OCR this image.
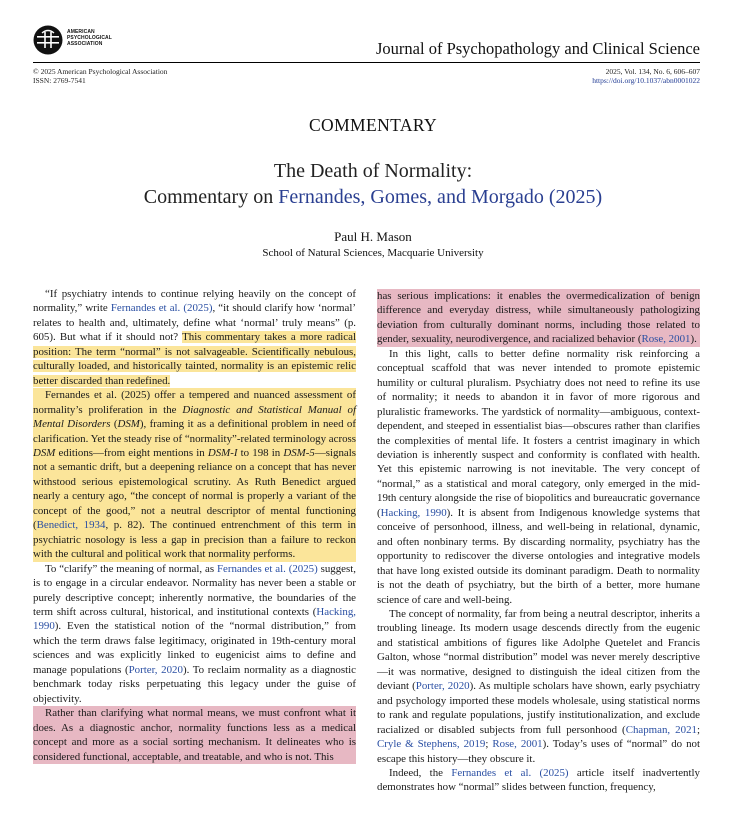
AMERICAN
PSYCHOLOGICAL
ASSOCIATION	Journal of Psychopathology and Clinical Science
© 2025 American Psychological Association
ISSN: 2769-7541
2025, Vol. 134, No. 6, 606–607
https://doi.org/10.1037/abn0001022
COMMENTARY
The Death of Normality:
Commentary on Fernandes, Gomes, and Morgado (2025)
Paul H. Mason
School of Natural Sciences, Macquarie University

“If psychiatry intends to continue relying heavily on the concept of normality,” write Fernandes et al. (2025), “it should clarify how ‘normal’ relates to health and, ultimately, define what ‘normal’ truly means” (p. 605). But what if it should not? This commentary takes a more radical position: The term “normal” is not salvageable. Scientifically nebulous, culturally loaded, and historically tainted, normality is an epistemic relic better discarded than redefined.

Fernandes et al. (2025) offer a tempered and nuanced assessment of normality’s proliferation in the Diagnostic and Statistical Manual of Mental Disorders (DSM), framing it as a definitional problem in need of clarification. Yet the steady rise of “normality”-related terminology across DSM editions—from eight mentions in DSM-I to 198 in DSM-5—signals not a semantic drift, but a deepening reliance on a concept that has never withstood serious epistemological scrutiny. As Ruth Benedict argued nearly a century ago, “the concept of normal is properly a variant of the concept of the good,” not a neutral descriptor of mental functioning (Benedict, 1934, p. 82). The continued entrenchment of this term in psychiatric nosology is less a gap in precision than a failure to reckon with the cultural and political work that normality performs.

To “clarify” the meaning of normal, as Fernandes et al. (2025) suggest, is to engage in a circular endeavor. Normality has never been a stable or purely descriptive concept; inherently normative, the boundaries of the term shift across cultural, historical, and institutional contexts (Hacking, 1990). Even the statistical notion of the “normal distribution,” from which the term draws false legitimacy, originated in 19th-century moral sciences and was explicitly linked to eugenicist aims to define and manage populations (Porter, 2020). To reclaim normality as a diagnostic benchmark today risks perpetuating this legacy under the guise of objectivity.

Rather than clarifying what normal means, we must confront what it does. As a diagnostic anchor, normality functions less as a medical concept and more as a social sorting mechanism. It delineates who is considered functional, acceptable, and treatable, and who is not. This

has serious implications: it enables the overmedicalization of benign difference and everyday distress, while simultaneously pathologizing deviation from culturally dominant norms, including those related to gender, sexuality, neurodivergence, and racialized behavior (Rose, 2001).

In this light, calls to better define normality risk reinforcing a conceptual scaffold that was never intended to promote epistemic humility or cultural pluralism. Psychiatry does not need to refine its use of normality; it needs to abandon it in favor of more rigorous and pluralistic frameworks. The yardstick of normality—ambiguous, context-dependent, and steeped in essentialist bias—obscures rather than clarifies the complexities of mental life. It fosters a centrist imaginary in which deviation is inherently suspect and conformity is conflated with health. Yet this epistemic narrowing is not inevitable. The very concept of “normal,” as a statistical and moral category, only emerged in the mid-19th century alongside the rise of biopolitics and bureaucratic governance (Hacking, 1990). It is absent from Indigenous knowledge systems that conceive of personhood, illness, and well-being in relational, dynamic, and often nonbinary terms. By discarding normality, psychiatry has the opportunity to rediscover the diverse ontologies and integrative models that have long existed outside its dominant paradigm. Death to normality is not the death of psychiatry, but the birth of a better, more humane science of care and well-being.

The concept of normality, far from being a neutral descriptor, inherits a troubling lineage. Its modern usage descends directly from the eugenic and statistical ambitions of figures like Adolphe Quetelet and Francis Galton, whose “normal distribution” model was never merely descriptive—it was normative, designed to distinguish the ideal citizen from the deviant (Porter, 2020). As multiple scholars have shown, early psychiatry and psychology imported these models wholesale, using statistical norms to rank and regulate populations, justify institutionalization, and exclude racialized or disabled subjects from full personhood (Chapman, 2021; Cryle & Stephens, 2019; Rose, 2001). Today’s uses of “normal” do not escape this history—they obscure it.

Indeed, the Fernandes et al. (2025) article itself inadvertently demonstrates how “normal” slides between function, frequency,
